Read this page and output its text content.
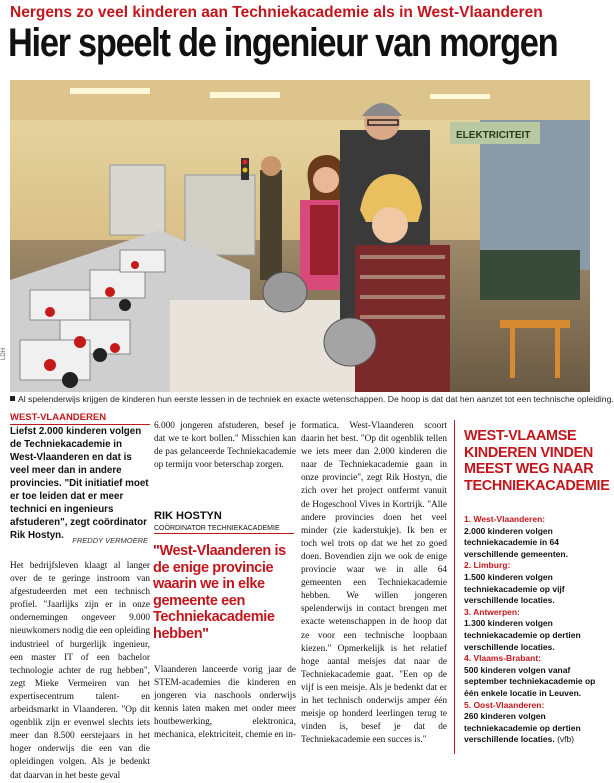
Nergens zo veel kinderen aan Techniekacademie als in West-Vlaanderen
Hier speelt de ingenieur van morgen
ELEKTRICITEIT
LDH
Al spelenderwijs krijgen de kinderen hun eerste lessen in de techniek en exacte wetenschappen. De hoop is dat dat hen aanzet tot een technische opleiding.
WEST-VLAANDEREN
Liefst 2.000 kinderen volgen de Techniekacademie in West-Vlaanderen en dat is veel meer dan in andere provincies. "Dit initiatief moet er toe leiden dat er meer technici en ingenieurs afstuderen", zegt coördinator Rik Hostyn.	FREDDY VERMOERE
Het bedrijfsleven klaagt al langer over de te geringe instroom van afgestudeerden met een technisch profiel. "Jaarlijks zijn er in onze ondernemingen ongeveer 9.000 nieuwkomers nodig die een opleiding industrieel of burgerlijk ingenieur, een master IT of een bachelor technologie achter de rug hebben", zegt Mieke Vermeiren van het expertisecentrum talent- en arbeidsmarkt in Vlaanderen. "Op dit ogenblik zijn er evenwel slechts iets meer dan 8.500 eerstejaars in het hoger onderwijs die een van die opleidingen volgen. Als je bedenkt dat daarvan in het beste geval
6.000 jongeren afstuderen, besef je dat we te kort bollen." Misschien kan de pas gelanceerde Techniekacademie op termijn voor beterschap zorgen.
RIK HOSTYN
COÖRDINATOR TECHNIEKACADEMIE
"West-Vlaanderen is de enige provincie waarin we in elke gemeente een Techniekacademie hebben"
Vlaanderen lanceerde vorig jaar de STEM-academies die kinderen en jongeren via naschools onderwijs kennis laten maken met onder meer houtbewerking, elektronica, mechanica, elektriciteit, chemie en in-
formatica. West-Vlaanderen scoort daarin het best. "Op dit ogenblik tellen we iets meer dan 2.000 kinderen die naar de Techniekacademie gaan in onze provincie", zegt Rik Hostyn, die zich over het project ontfermt vanuit de Hogeschool Vives in Kortrijk. "Alle andere provincies doen het veel minder (zie kaderstukje). Ik ben er toch wel trots op dat we het zo goed doen. Bovendien zijn we ook de enige provincie waar we in alle 64 gemeenten een Techniekacademie hebben. We willen jongeren spelenderwijs in contact brengen met exacte wetenschappen in de hoop dat ze voor een technische loopbaan kiezen." Opmerkelijk is het relatief hoge aantal meisjes dat naar de Techniekacademie gaat. "Een op de vijf is een meisje. Als je bedenkt dat er in het technisch onderwijs amper één meisje op honderd leerlingen terug te vinden is, besef je dat de Techniekacademie een succes is."
WEST-VLAAMSE KINDEREN VINDEN MEEST WEG NAAR TECHNIEKACADEMIE
1. West-Vlaanderen:
2.000 kinderen volgen techniekacademie in 64 verschillende gemeenten.
2. Limburg:
1.500 kinderen volgen techniekacademie op vijf verschillende locaties.
3. Antwerpen:
1.300 kinderen volgen techniekacademie op dertien verschillende locaties.
4. Vlaams-Brabant:
500 kinderen volgen vanaf september techniekacademie op één enkele locatie in Leuven.
5. Oost-Vlaanderen:
260 kinderen volgen techniekacademie op dertien verschillende locaties. (vfb)
